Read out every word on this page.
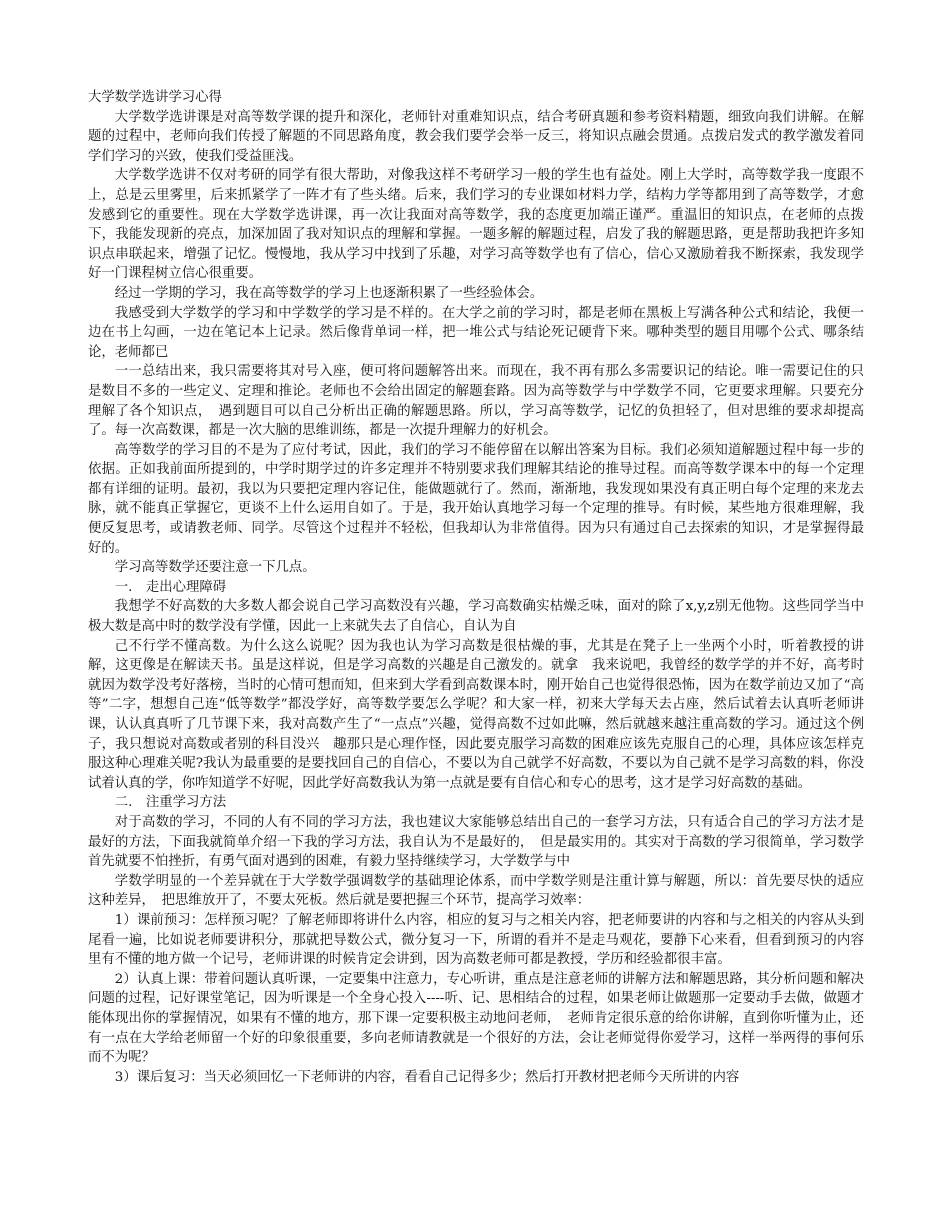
大学数学选讲学习心得

大学数学选讲课是对高等数学课的提升和深化，老师针对重难知识点，结合考研真题和参考资料精题，细致向我们讲解。在解题的过程中，老师向我们传授了解题的不同思路角度，教会我们要学会举一反三，将知识点融会贯通。点拨启发式的教学激发着同学们学习的兴致，使我们受益匪浅。

大学数学选讲不仅对考研的同学有很大帮助，对像我这样不考研学习一般的学生也有益处。刚上大学时，高等数学我一度跟不上，总是云里雾里，后来抓紧学了一阵才有了些头绪。后来，我们学习的专业课如材料力学，结构力学等都用到了高等数学，才愈发感到它的重要性。现在大学数学选讲课，再一次让我面对高等数学，我的态度更加端正谨严。重温旧的知识点，在老师的点拨下，我能发现新的亮点，加深加固了我对知识点的理解和掌握。一题多解的解题过程，启发了我的解题思路，更是帮助我把许多知识点串联起来，增强了记忆。慢慢地，我从学习中找到了乐趣，对学习高等数学也有了信心，信心又激励着我不断探索，我发现学好一门课程树立信心很重要。

经过一学期的学习，我在高等数学的学习上也逐渐积累了一些经验体会。

我感受到大学数学的学习和中学数学的学习是不样的。在大学之前的学习时，都是老师在黑板上写满各种公式和结论，我便一边在书上勾画，一边在笔记本上记录。然后像背单词一样，把一堆公式与结论死记硬背下来。哪种类型的题目用哪个公式、哪条结论，老师都已

一一总结出来，我只需要将其对号入座，便可将问题解答出来。而现在，我不再有那么多需要识记的结论。唯一需要记住的只是数目不多的一些定义、定理和推论。老师也不会给出固定的解题套路。因为高等数学与中学数学不同，它更要求理解。只要充分理解了各个知识点，　遇到题目可以自己分析出正确的解题思路。所以，学习高等数学，记忆的负担轻了，但对思维的要求却提高了。每一次高数课，都是一次大脑的思维训练，都是一次提升理解力的好机会。

高等数学的学习目的不是为了应付考试，因此，我们的学习不能停留在以解出答案为目标。我们必须知道解题过程中每一步的依据。正如我前面所提到的，中学时期学过的许多定理并不特别要求我们理解其结论的推导过程。而高等数学课本中的每一个定理都有详细的证明。最初，我以为只要把定理内容记住，能做题就行了。然而，渐渐地，我发现如果没有真正明白每个定理的来龙去脉，就不能真正掌握它，更谈不上什么运用自如了。于是，我开始认真地学习每一个定理的推导。有时候，某些地方很难理解，我便反复思考，或请教老师、同学。尽管这个过程并不轻松，但我却认为非常值得。因为只有通过自己去探索的知识，才是掌握得最好的。

学习高等数学还要注意一下几点。

一.　走出心理障碍

我想学不好高数的大多数人都会说自己学习高数没有兴趣，学习高数确实枯燥乏味，面对的除了x,y,z别无他物。这些同学当中极大数是高中时的数学没有学懂，因此一上来就失去了自信心，自认为自

己不行学不懂高数。为什么这么说呢？因为我也认为学习高数是很枯燥的事，尤其是在凳子上一坐两个小时，听着教授的讲解，这更像是在解读天书。虽是这样说，但是学习高数的兴趣是自己激发的。就拿　我来说吧，我曾经的数学学的并不好，高考时就因为数学没考好落榜，当时的心情可想而知，但来到大学看到高数课本时，刚开始自己也觉得很恐怖，因为在数学前边又加了“高等”二字，想想自己连“低等数学”都没学好，高等数学要怎么学呢？和大家一样，初来大学每天去占座，然后试着去认真听老师讲课，认认真真听了几节课下来，我对高数产生了“一点点”兴趣，觉得高数不过如此嘛，然后就越来越注重高数的学习。通过这个例子，我只想说对高数或者别的科目没兴　趣那只是心理作怪，因此要克服学习高数的困难应该先克服自己的心理，具体应该怎样克服这种心理难关呢?我认为最重要的是要找回自己的自信心，不要以为自己就学不好高数，不要以为自己就不是学习高数的料，你没试着认真的学，你咋知道学不好呢，因此学好高数我认为第一点就是要有自信心和专心的思考，这才是学习好高数的基础。

二.　注重学习方法

对于高数的学习，不同的人有不同的学习方法，我也建议大家能够总结出自己的一套学习方法，只有适合自己的学习方法才是最好的方法，下面我就简单介绍一下我的学习方法，我自认为不是最好的，　但是最实用的。其实对于高数的学习很简单，学习数学首先就要不怕挫折，有勇气面对遇到的困难，有毅力坚持继续学习，大学数学与中

学数学明显的一个差异就在于大学数学强调数学的基础理论体系，而中学数学则是注重计算与解题，所以：首先要尽快的适应这种差异，　把思维放开了，不要太死板。然后就是要把握三个环节，提高学习效率：

1）课前预习：怎样预习呢？了解老师即将讲什么内容，相应的复习与之相关内容，把老师要讲的内容和与之相关的内容从头到尾看一遍，比如说老师要讲积分，那就把导数公式，微分复习一下，所谓的看并不是走马观花，要静下心来看，但看到预习的内容里有不懂的地方做一个记号，老师讲课的时候肯定会讲到，因为高数老师可都是教授，学历和经验都很丰富。

2）认真上课：带着问题认真听课，一定要集中注意力，专心听讲，重点是注意老师的讲解方法和解题思路，其分析问题和解决问题的过程，记好课堂笔记，因为听课是一个全身心投入----听、记、思相结合的过程，如果老师让做题那一定要动手去做，做题才能体现出你的掌握情况，如果有不懂的地方，那下课一定要积极主动地问老师，　老师肯定很乐意的给你讲解，直到你听懂为止，还有一点在大学给老师留一个好的印象很重要，多向老师请教就是一个很好的方法，会让老师觉得你爱学习，这样一举两得的事何乐而不为呢？

3）课后复习：当天必须回忆一下老师讲的内容，看看自己记得多少；然后打开教材把老师今天所讲的内容
